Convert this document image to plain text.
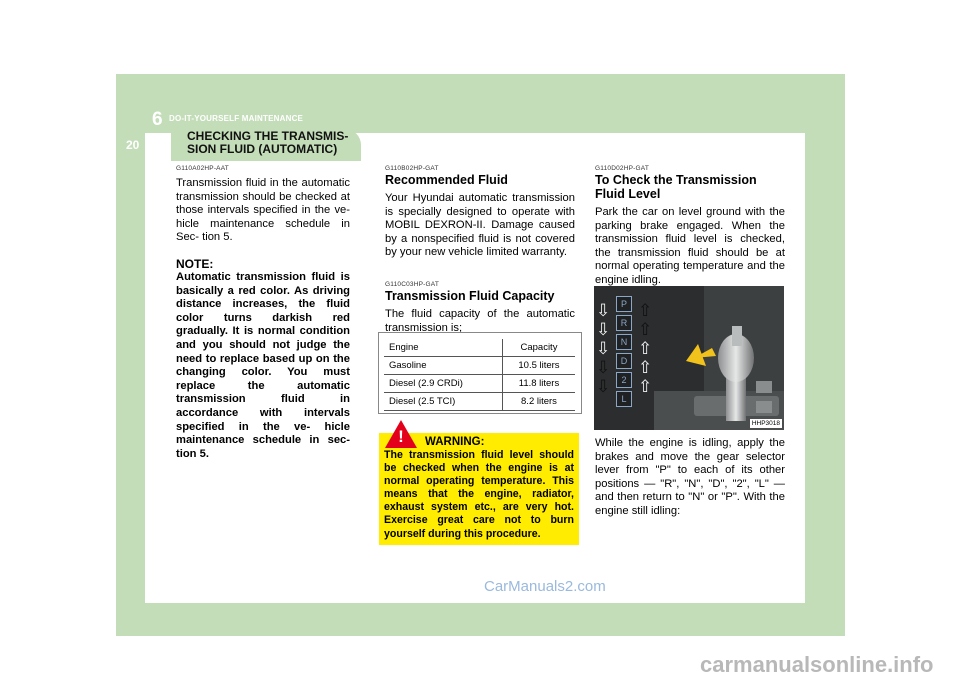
6 DO-IT-YOURSELF MAINTENANCE
20
CHECKING THE TRANSMIS- SION FLUID (AUTOMATIC)
G110A02HP-AAT
Transmission fluid in the automatic transmission should be checked at those intervals specified in the ve- hicle maintenance schedule in Sec- tion 5.
NOTE:
Automatic transmission fluid is basically a red color. As driving distance increases, the fluid color turns darkish red gradually. It is normal condition and you should not judge the need to replace based up on the changing color. You must replace the automatic transmission fluid in accordance with intervals specified in the ve- hicle maintenance schedule in sec- tion 5.
G110B02HP-GAT
Recommended Fluid
Your Hyundai automatic transmission is specially designed to operate with MOBIL DEXRON-II. Damage caused by a nonspecified fluid is not covered by your new vehicle limited warranty.
G110C03HP-GAT
Transmission Fluid Capacity
The fluid capacity of the automatic transmission is;
Engine	Capacity
Gasoline	10.5 liters
Diesel (2.9 CRDi)	11.8 liters
Diesel (2.5 TCI)	8.2 liters
! WARNING:
The transmission fluid level should be checked when the engine is at normal operating temperature. This means that the engine, radiator, exhaust system etc., are very hot. Exercise great care not to burn yourself during this procedure.
G110D02HP-GAT
To Check the Transmission Fluid Level
Park the car on level ground with the parking brake engaged. When the transmission fluid level is checked, the transmission fluid should be at normal operating temperature and the engine idling.
P
⇩ ⇧
R
⇩ ⇧
N
⇩ ⇧
D
⇩ ⇧
2
⇩ ⇧
L
HHP3018
While the engine is idling, apply the brakes and move the gear selector lever from "P" to each of its other positions — "R", "N", "D", "2", "L" — and then return to "N" or "P". With the engine still idling:
CarManuals2.com
carmanualsonline.info
